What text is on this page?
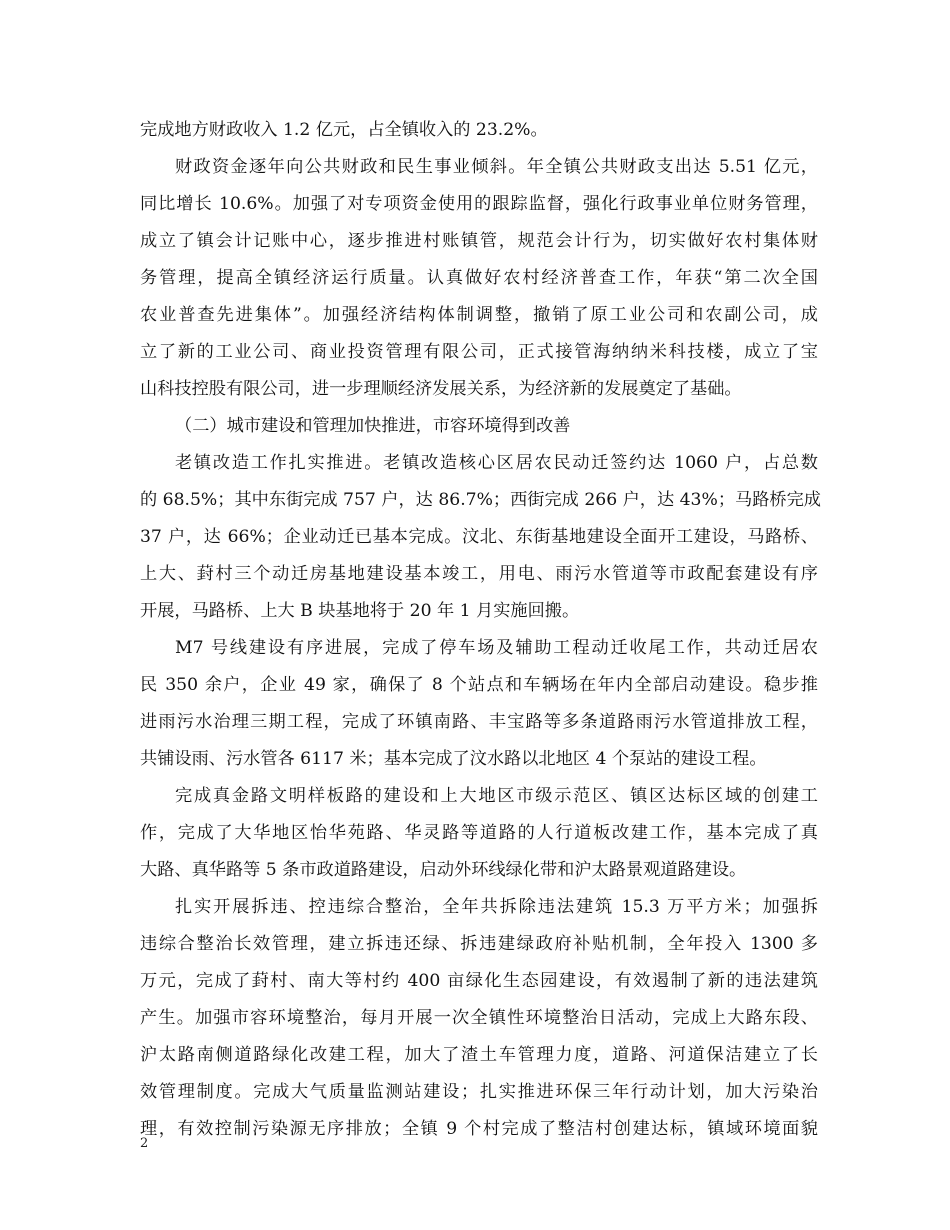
完成地方财政收入 1.2 亿元，占全镇收入的 23.2%。
财政资金逐年向公共财政和民生事业倾斜。年全镇公共财政支出达 5.51 亿元，
同比增长 10.6%。加强了对专项资金使用的跟踪监督，强化行政事业单位财务管理，
成立了镇会计记账中心，逐步推进村账镇管，规范会计行为，切实做好农村集体财
务管理，提高全镇经济运行质量。认真做好农村经济普查工作，年获“第二次全国
农业普查先进集体”。加强经济结构体制调整，撤销了原工业公司和农副公司，成
立了新的工业公司、商业投资管理有限公司，正式接管海纳纳米科技楼，成立了宝
山科技控股有限公司，进一步理顺经济发展关系，为经济新的发展奠定了基础。
（二）城市建设和管理加快推进，市容环境得到改善
老镇改造工作扎实推进。老镇改造核心区居农民动迁签约达 1060 户，占总数
的 68.5%；其中东街完成 757 户，达 86.7%；西街完成 266 户，达 43%；马路桥完成
37 户，达 66%；企业动迁已基本完成。汶北、东街基地建设全面开工建设，马路桥、
上大、葑村三个动迁房基地建设基本竣工，用电、雨污水管道等市政配套建设有序
开展，马路桥、上大 B 块基地将于 20 年 1 月实施回搬。
M7 号线建设有序进展，完成了停车场及辅助工程动迁收尾工作，共动迁居农
民 350 余户，企业 49 家，确保了 8 个站点和车辆场在年内全部启动建设。稳步推
进雨污水治理三期工程，完成了环镇南路、丰宝路等多条道路雨污水管道排放工程，
共铺设雨、污水管各 6117 米；基本完成了汶水路以北地区 4 个泵站的建设工程。
完成真金路文明样板路的建设和上大地区市级示范区、镇区达标区域的创建工
作，完成了大华地区怡华苑路、华灵路等道路的人行道板改建工作，基本完成了真
大路、真华路等 5 条市政道路建设，启动外环线绿化带和沪太路景观道路建设。
扎实开展拆违、控违综合整治，全年共拆除违法建筑 15.3 万平方米；加强拆
违综合整治长效管理，建立拆违还绿、拆违建绿政府补贴机制，全年投入 1300 多
万元，完成了葑村、南大等村约 400 亩绿化生态园建设，有效遏制了新的违法建筑
产生。加强市容环境整治，每月开展一次全镇性环境整治日活动，完成上大路东段、
沪太路南侧道路绿化改建工程，加大了渣土车管理力度，道路、河道保洁建立了长
效管理制度。完成大气质量监测站建设；扎实推进环保三年行动计划，加大污染治
理，有效控制污染源无序排放；全镇 9 个村完成了整洁村创建达标，镇域环境面貌
2
